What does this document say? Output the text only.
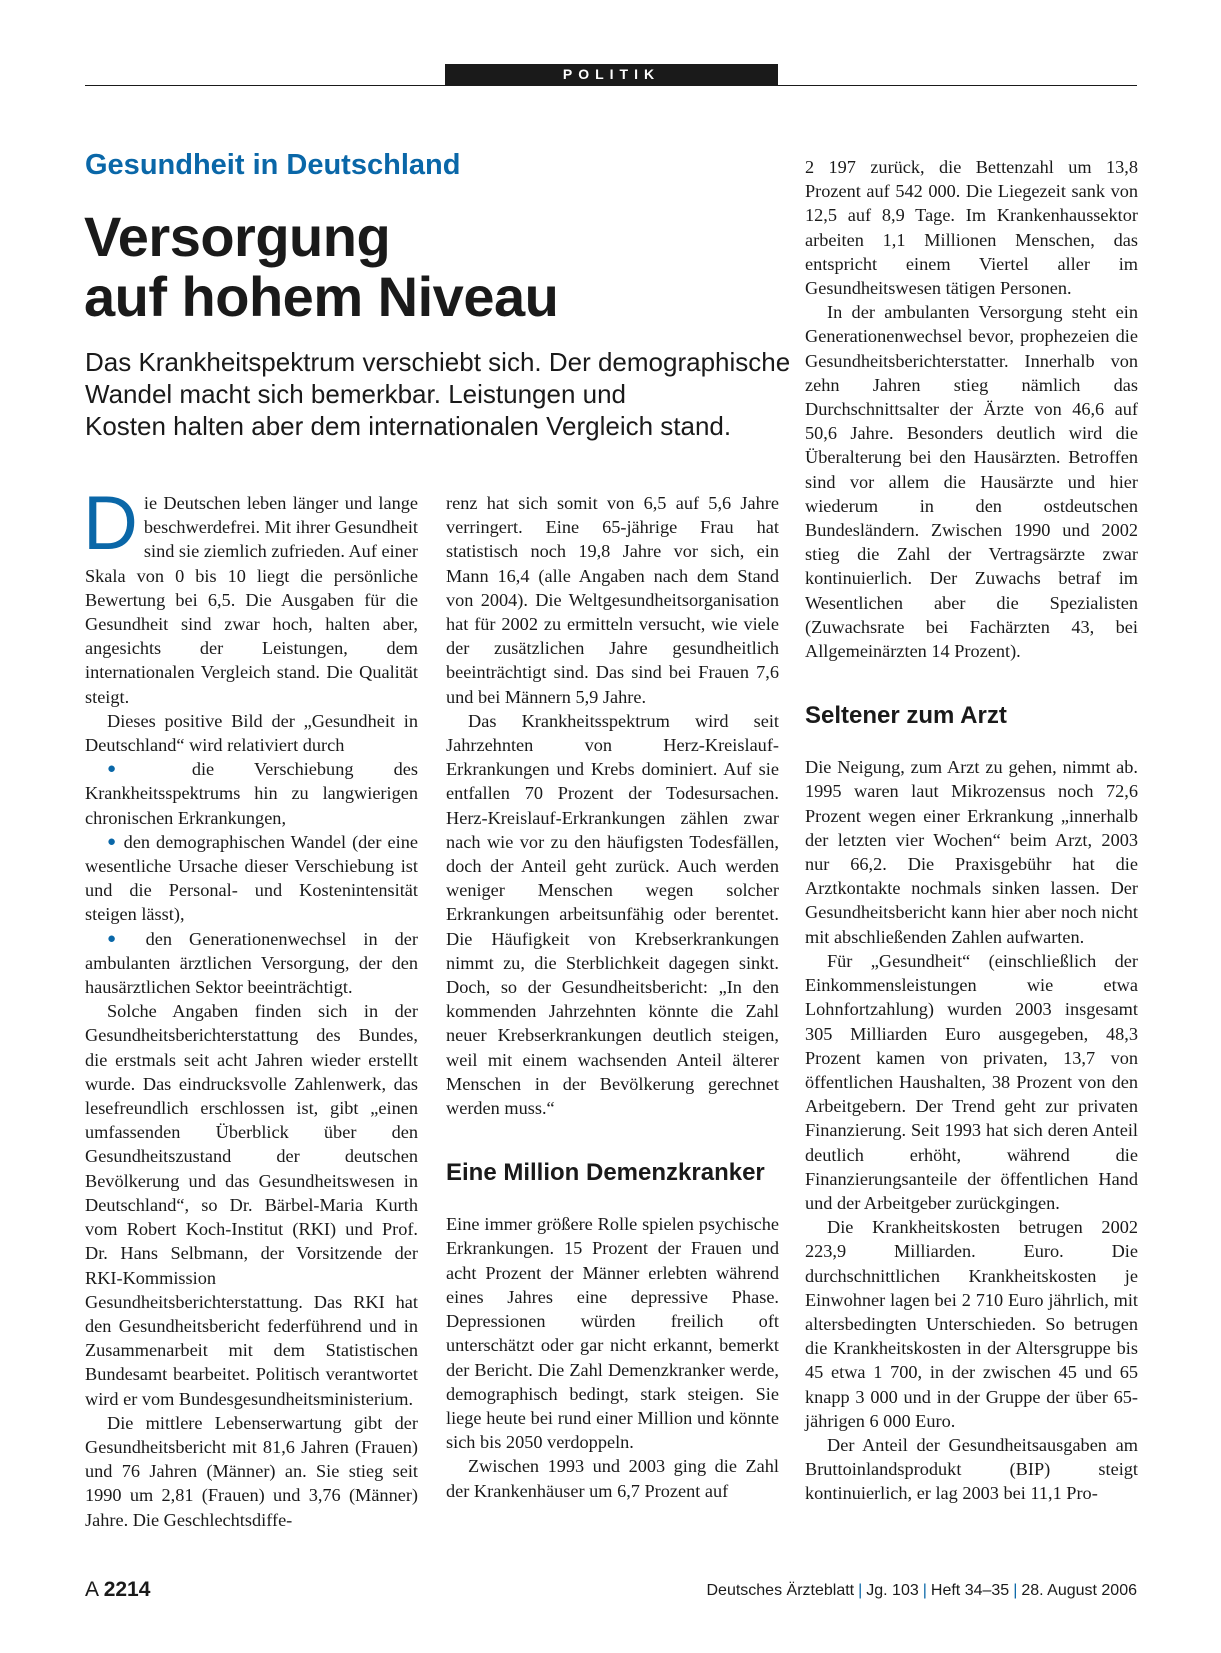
POLITIK
Gesundheit in Deutschland
Versorgung
auf hohem Niveau
Das Krankheitspektrum verschiebt sich. Der demographische
Wandel macht sich bemerkbar. Leistungen und
Kosten halten aber dem internationalen Vergleich stand.

Die Deutschen leben länger und lange beschwerdefrei. Mit ihrer Gesundheit sind sie ziemlich zufrieden. Auf einer Skala von 0 bis 10 liegt die persönliche Bewertung bei 6,5. Die Ausgaben für die Gesundheit sind zwar hoch, halten aber, angesichts der Leistungen, dem internationalen Vergleich stand. Die Qualität steigt.

Dieses positive Bild der „Gesundheit in Deutschland“ wird relativiert durch

● die Verschiebung des Krankheitsspektrums hin zu langwierigen chronischen Erkrankungen,

● den demographischen Wandel (der eine wesentliche Ursache dieser Verschiebung ist und die Personal- und Kostenintensität steigen lässt),

● den Generationenwechsel in der ambulanten ärztlichen Versorgung, der den hausärztlichen Sektor beeinträchtigt.

Solche Angaben finden sich in der Gesundheitsberichterstattung des Bundes, die erstmals seit acht Jahren wieder erstellt wurde. Das eindrucksvolle Zahlenwerk, das lesefreundlich erschlossen ist, gibt „einen umfassenden Überblick über den Gesundheitszustand der deutschen Bevölkerung und das Gesundheitswesen in Deutschland“, so Dr. Bärbel-Maria Kurth vom Robert Koch-Institut (RKI) und Prof. Dr. Hans Selbmann, der Vorsitzende der RKI-Kommission Gesundheitsberichterstattung. Das RKI hat den Gesundheitsbericht federführend und in Zusammenarbeit mit dem Statistischen Bundesamt bearbeitet. Politisch verantwortet wird er vom Bundesgesundheitsministerium.

Die mittlere Lebenserwartung gibt der Gesundheitsbericht mit 81,6 Jahren (Frauen) und 76 Jahren (Männer) an. Sie stieg seit 1990 um 2,81 (Frauen) und 3,76 (Männer) Jahre. Die Geschlechtsdiffe-

renz hat sich somit von 6,5 auf 5,6 Jahre verringert. Eine 65-jährige Frau hat statistisch noch 19,8 Jahre vor sich, ein Mann 16,4 (alle Angaben nach dem Stand von 2004). Die Weltgesundheitsorganisation hat für 2002 zu ermitteln versucht, wie viele der zusätzlichen Jahre gesundheitlich beeinträchtigt sind. Das sind bei Frauen 7,6 und bei Männern 5,9 Jahre.

Das Krankheitsspektrum wird seit Jahrzehnten von Herz-Kreislauf-Erkrankungen und Krebs dominiert. Auf sie entfallen 70 Prozent der Todesursachen. Herz-Kreislauf-Erkrankungen zählen zwar nach wie vor zu den häufigsten Todesfällen, doch der Anteil geht zurück. Auch werden weniger Menschen wegen solcher Erkrankungen arbeitsunfähig oder berentet. Die Häufigkeit von Krebserkrankungen nimmt zu, die Sterblichkeit dagegen sinkt. Doch, so der Gesundheitsbericht: „In den kommenden Jahrzehnten könnte die Zahl neuer Krebserkrankungen deutlich steigen, weil mit einem wachsenden Anteil älterer Menschen in der Bevölkerung gerechnet werden muss.“

Eine Million Demenzkranker

Eine immer größere Rolle spielen psychische Erkrankungen. 15 Prozent der Frauen und acht Prozent der Männer erlebten während eines Jahres eine depressive Phase. Depressionen würden freilich oft unterschätzt oder gar nicht erkannt, bemerkt der Bericht. Die Zahl Demenzkranker werde, demographisch bedingt, stark steigen. Sie liege heute bei rund einer Million und könnte sich bis 2050 verdoppeln.

Zwischen 1993 und 2003 ging die Zahl der Krankenhäuser um 6,7 Prozent auf

2 197 zurück, die Bettenzahl um 13,8 Prozent auf 542 000. Die Liegezeit sank von 12,5 auf 8,9 Tage. Im Krankenhaussektor arbeiten 1,1 Millionen Menschen, das entspricht einem Viertel aller im Gesundheitswesen tätigen Personen.

In der ambulanten Versorgung steht ein Generationenwechsel bevor, prophezeien die Gesundheitsberichterstatter. Innerhalb von zehn Jahren stieg nämlich das Durchschnittsalter der Ärzte von 46,6 auf 50,6 Jahre. Besonders deutlich wird die Überalterung bei den Hausärzten. Betroffen sind vor allem die Hausärzte und hier wiederum in den ostdeutschen Bundesländern. Zwischen 1990 und 2002 stieg die Zahl der Vertragsärzte zwar kontinuierlich. Der Zuwachs betraf im Wesentlichen aber die Spezialisten (Zuwachsrate bei Fachärzten 43, bei Allgemeinärzten 14 Prozent).

Seltener zum Arzt

Die Neigung, zum Arzt zu gehen, nimmt ab. 1995 waren laut Mikrozensus noch 72,6 Prozent wegen einer Erkrankung „innerhalb der letzten vier Wochen“ beim Arzt, 2003 nur 66,2. Die Praxisgebühr hat die Arztkontakte nochmals sinken lassen. Der Gesundheitsbericht kann hier aber noch nicht mit abschließenden Zahlen aufwarten.

Für „Gesundheit“ (einschließlich der Einkommensleistungen wie etwa Lohnfortzahlung) wurden 2003 insgesamt 305 Milliarden Euro ausgegeben, 48,3 Prozent kamen von privaten, 13,7 von öffentlichen Haushalten, 38 Prozent von den Arbeitgebern. Der Trend geht zur privaten Finanzierung. Seit 1993 hat sich deren Anteil deutlich erhöht, während die Finanzierungsanteile der öffentlichen Hand und der Arbeitgeber zurückgingen.

Die Krankheitskosten betrugen 2002 223,9 Milliarden. Euro. Die durchschnittlichen Krankheitskosten je Einwohner lagen bei 2 710 Euro jährlich, mit altersbedingten Unterschieden. So betrugen die Krankheitskosten in der Altersgruppe bis 45 etwa 1 700, in der zwischen 45 und 65 knapp 3 000 und in der Gruppe der über 65-jährigen 6 000 Euro.

Der Anteil der Gesundheitsausgaben am Bruttoinlandsprodukt (BIP) steigt kontinuierlich, er lag 2003 bei 11,1 Pro-

A 2214	Deutsches Ärzteblatt | Jg. 103 | Heft 34–35 | 28. August 2006
